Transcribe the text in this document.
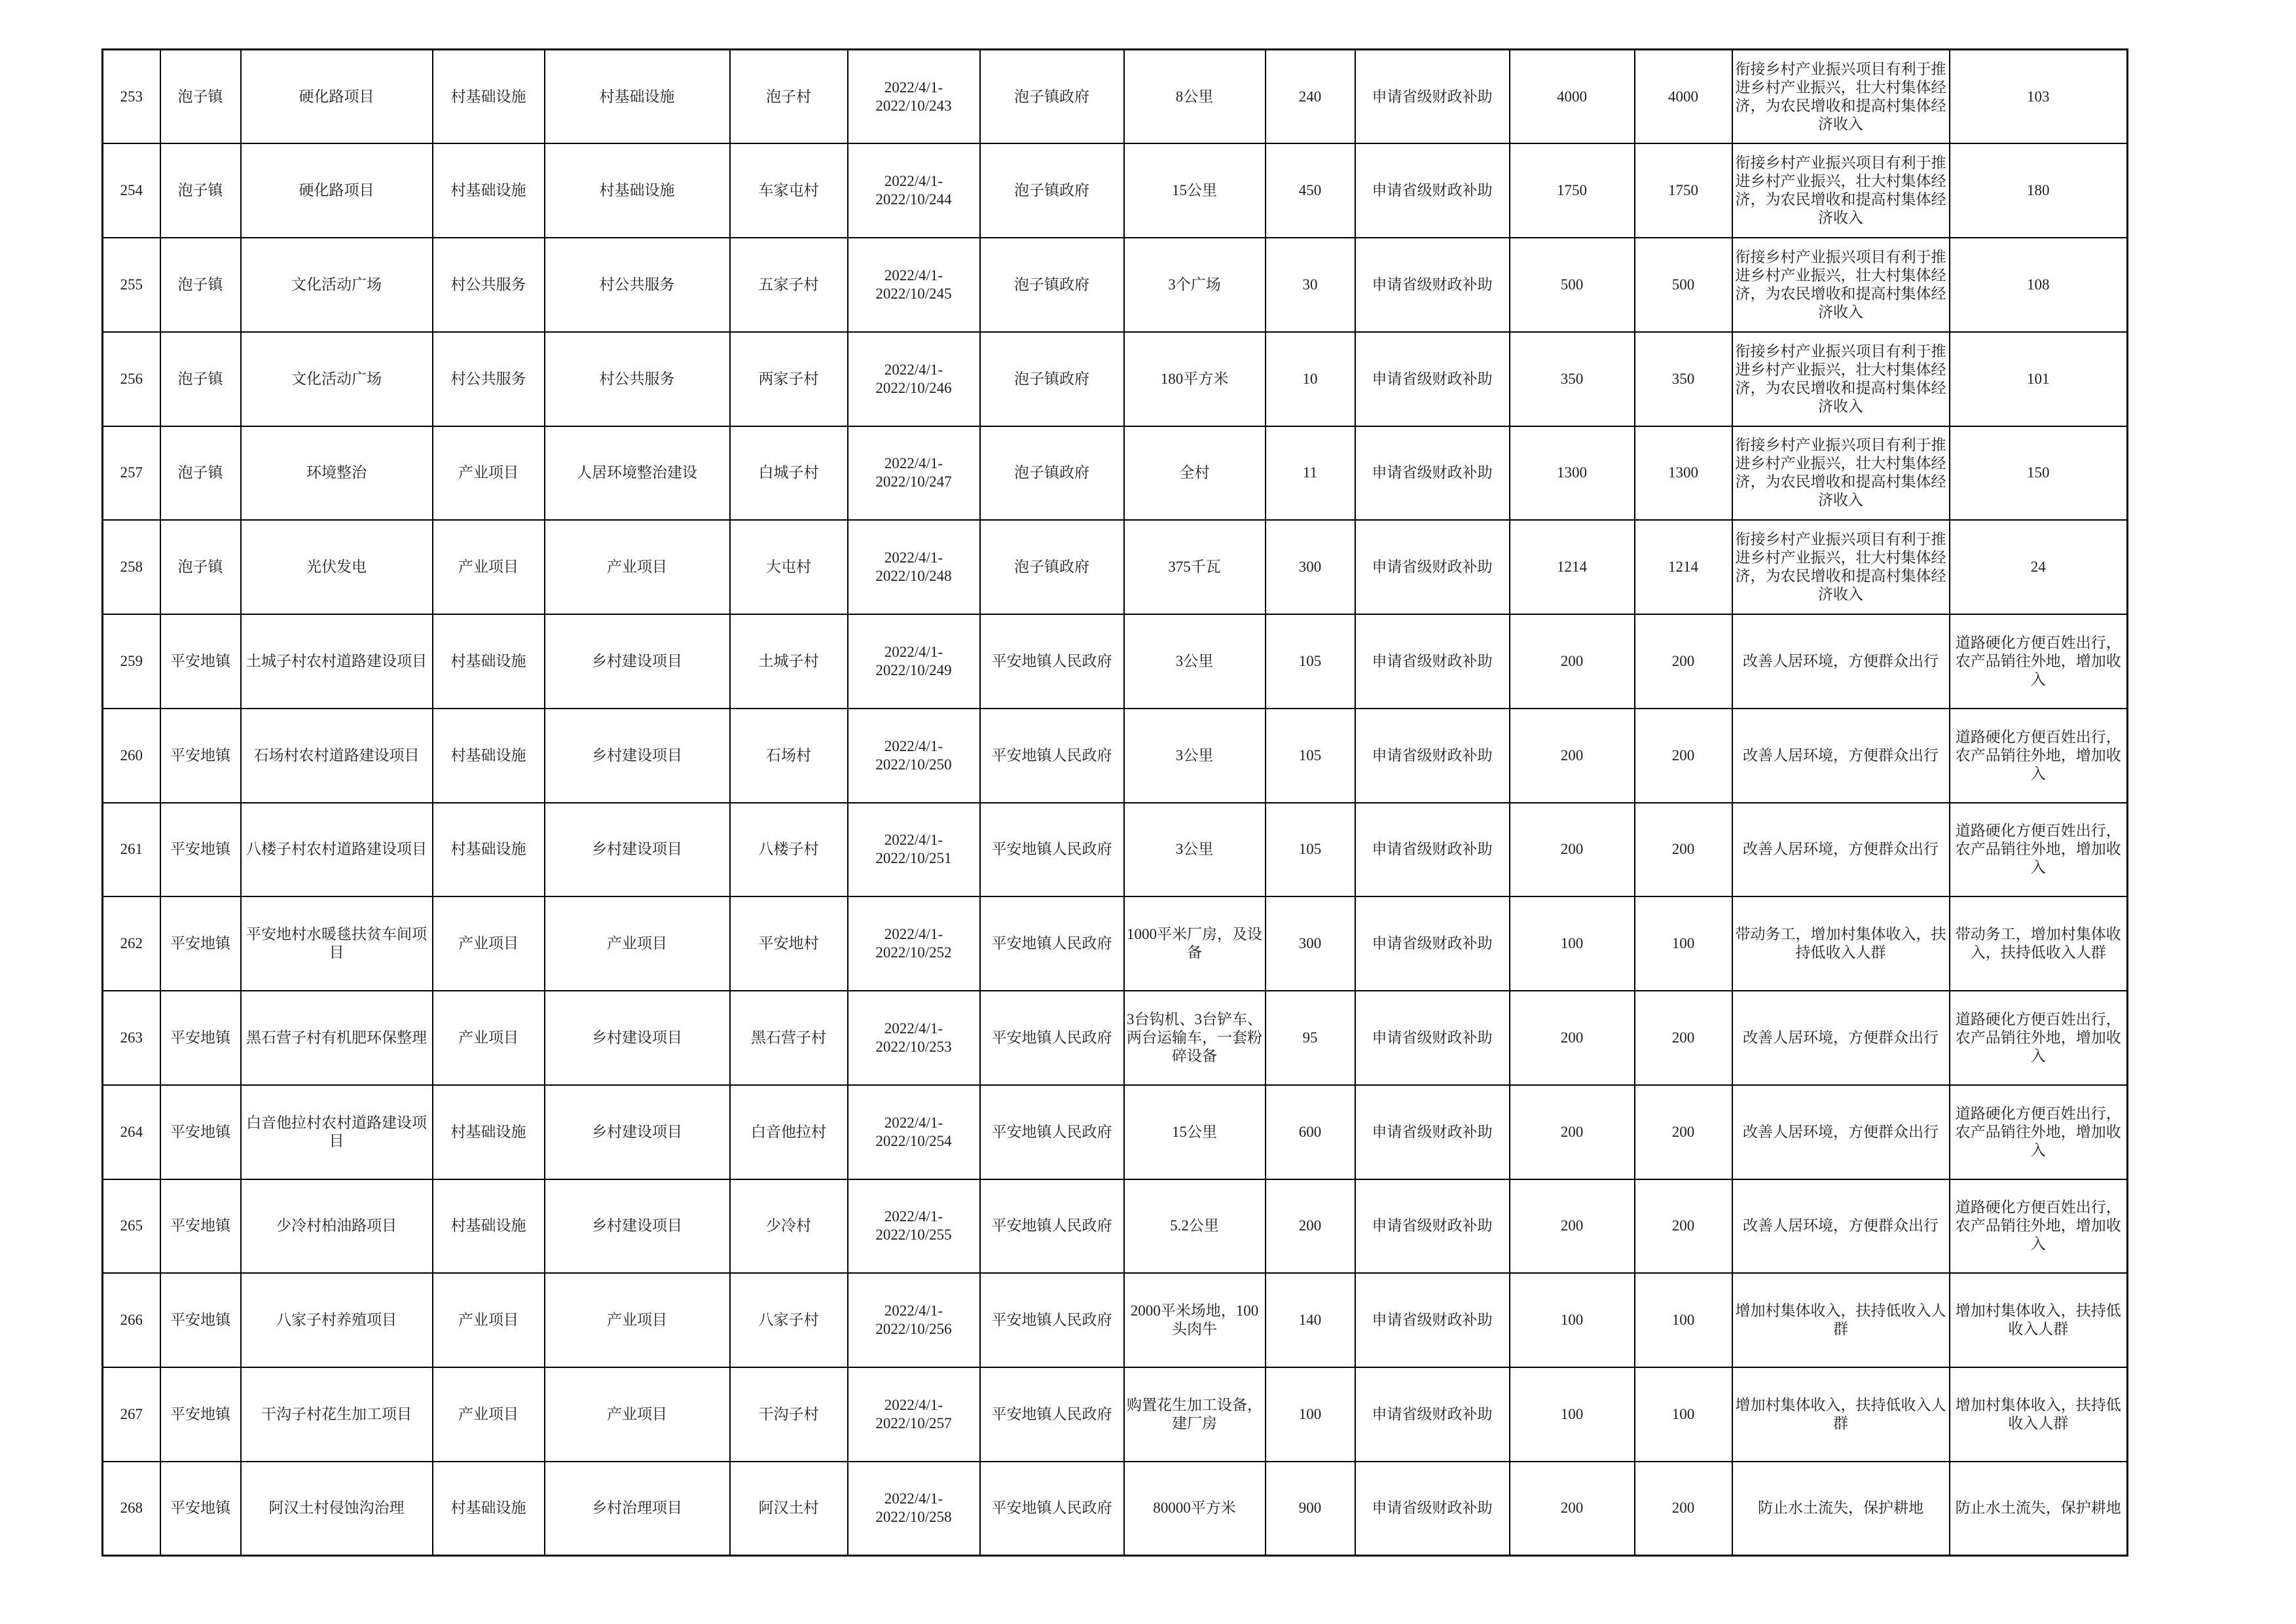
253	泡子镇	硬化路项目	村基础设施	村基础设施	泡子村	2022/4/1-
2022/10/243	泡子镇政府	8公里	240	申请省级财政补助	4000	4000	衔接乡村产业振兴项目有利于推进乡村产业振兴，壮大村集体经济，为农民增收和提高村集体经济收入	103
254	泡子镇	硬化路项目	村基础设施	村基础设施	车家屯村	2022/4/1-
2022/10/244	泡子镇政府	15公里	450	申请省级财政补助	1750	1750	衔接乡村产业振兴项目有利于推进乡村产业振兴，壮大村集体经济，为农民增收和提高村集体经济收入	180
255	泡子镇	文化活动广场	村公共服务	村公共服务	五家子村	2022/4/1-
2022/10/245	泡子镇政府	3个广场	30	申请省级财政补助	500	500	衔接乡村产业振兴项目有利于推进乡村产业振兴，壮大村集体经济，为农民增收和提高村集体经济收入	108
256	泡子镇	文化活动广场	村公共服务	村公共服务	两家子村	2022/4/1-
2022/10/246	泡子镇政府	180平方米	10	申请省级财政补助	350	350	衔接乡村产业振兴项目有利于推进乡村产业振兴，壮大村集体经济，为农民增收和提高村集体经济收入	101
257	泡子镇	环境整治	产业项目	人居环境整治建设	白城子村	2022/4/1-
2022/10/247	泡子镇政府	全村	11	申请省级财政补助	1300	1300	衔接乡村产业振兴项目有利于推进乡村产业振兴，壮大村集体经济，为农民增收和提高村集体经济收入	150
258	泡子镇	光伏发电	产业项目	产业项目	大屯村	2022/4/1-
2022/10/248	泡子镇政府	375千瓦	300	申请省级财政补助	1214	1214	衔接乡村产业振兴项目有利于推进乡村产业振兴，壮大村集体经济，为农民增收和提高村集体经济收入	24
259	平安地镇	土城子村农村道路建设项目	村基础设施	乡村建设项目	土城子村	2022/4/1-
2022/10/249	平安地镇人民政府	3公里	105	申请省级财政补助	200	200	改善人居环境，方便群众出行	道路硬化方便百姓出行，农产品销往外地，增加收入
260	平安地镇	石场村农村道路建设项目	村基础设施	乡村建设项目	石场村	2022/4/1-
2022/10/250	平安地镇人民政府	3公里	105	申请省级财政补助	200	200	改善人居环境，方便群众出行	道路硬化方便百姓出行，农产品销往外地，增加收入
261	平安地镇	八楼子村农村道路建设项目	村基础设施	乡村建设项目	八楼子村	2022/4/1-
2022/10/251	平安地镇人民政府	3公里	105	申请省级财政补助	200	200	改善人居环境，方便群众出行	道路硬化方便百姓出行，农产品销往外地，增加收入
262	平安地镇	平安地村水暖毯扶贫车间项目	产业项目	产业项目	平安地村	2022/4/1-
2022/10/252	平安地镇人民政府	1000平米厂房，及设备	300	申请省级财政补助	100	100	带动务工，增加村集体收入，扶持低收入人群	带动务工，增加村集体收入，扶持低收入人群
263	平安地镇	黑石营子村有机肥环保整理	产业项目	乡村建设项目	黑石营子村	2022/4/1-
2022/10/253	平安地镇人民政府	3台钩机、3台铲车、两台运输车，一套粉碎设备	95	申请省级财政补助	200	200	改善人居环境，方便群众出行	道路硬化方便百姓出行，农产品销往外地，增加收入
264	平安地镇	白音他拉村农村道路建设项目	村基础设施	乡村建设项目	白音他拉村	2022/4/1-
2022/10/254	平安地镇人民政府	15公里	600	申请省级财政补助	200	200	改善人居环境，方便群众出行	道路硬化方便百姓出行，农产品销往外地，增加收入
265	平安地镇	少冷村柏油路项目	村基础设施	乡村建设项目	少冷村	2022/4/1-
2022/10/255	平安地镇人民政府	5.2公里	200	申请省级财政补助	200	200	改善人居环境，方便群众出行	道路硬化方便百姓出行，农产品销往外地，增加收入
266	平安地镇	八家子村养殖项目	产业项目	产业项目	八家子村	2022/4/1-
2022/10/256	平安地镇人民政府	2000平米场地，100头肉牛	140	申请省级财政补助	100	100	增加村集体收入，扶持低收入人群	增加村集体收入，扶持低收入人群
267	平安地镇	干沟子村花生加工项目	产业项目	产业项目	干沟子村	2022/4/1-
2022/10/257	平安地镇人民政府	购置花生加工设备，建厂房	100	申请省级财政补助	100	100	增加村集体收入，扶持低收入人群	增加村集体收入，扶持低收入人群
268	平安地镇	阿汉土村侵蚀沟治理	村基础设施	乡村治理项目	阿汉土村	2022/4/1-
2022/10/258	平安地镇人民政府	80000平方米	900	申请省级财政补助	200	200	防止水土流失，保护耕地	防止水土流失，保护耕地
